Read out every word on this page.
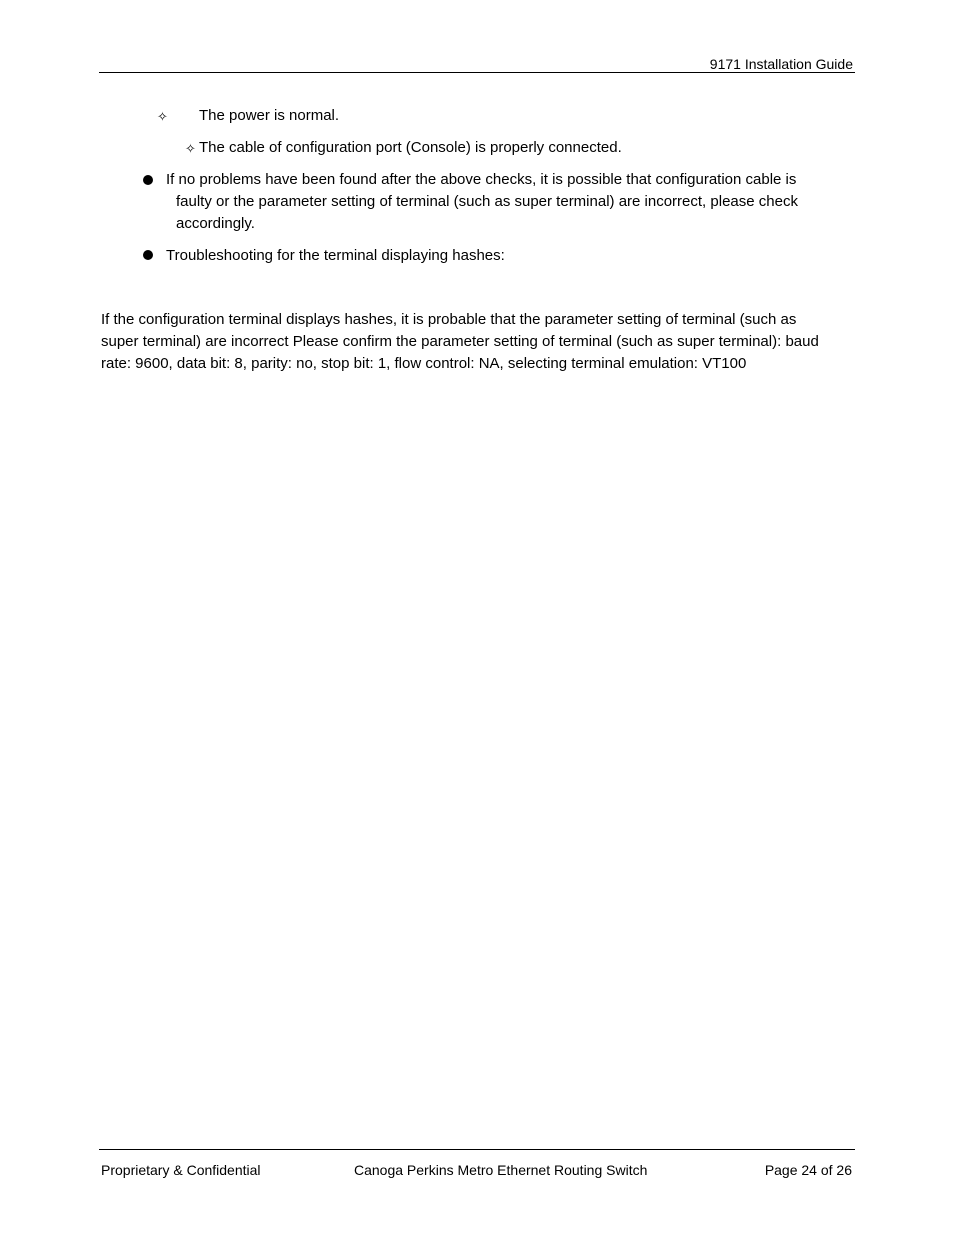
9171 Installation Guide
✧ The power is normal.
✧ The cable of configuration port (Console) is properly connected.
If no problems have been found after the above checks, it is possible that configuration cable is
faulty or the parameter setting of terminal (such as super terminal) are incorrect, please check
accordingly.
Troubleshooting for the terminal displaying hashes:
If the configuration terminal displays hashes, it is probable that the parameter setting of terminal (such as
super terminal) are incorrect Please confirm the parameter setting of terminal (such as super terminal): baud
rate: 9600, data bit: 8, parity: no, stop bit: 1, flow control: NA, selecting terminal emulation: VT100
Proprietary & Confidential	Canoga Perkins Metro Ethernet Routing Switch	Page 24 of 26
